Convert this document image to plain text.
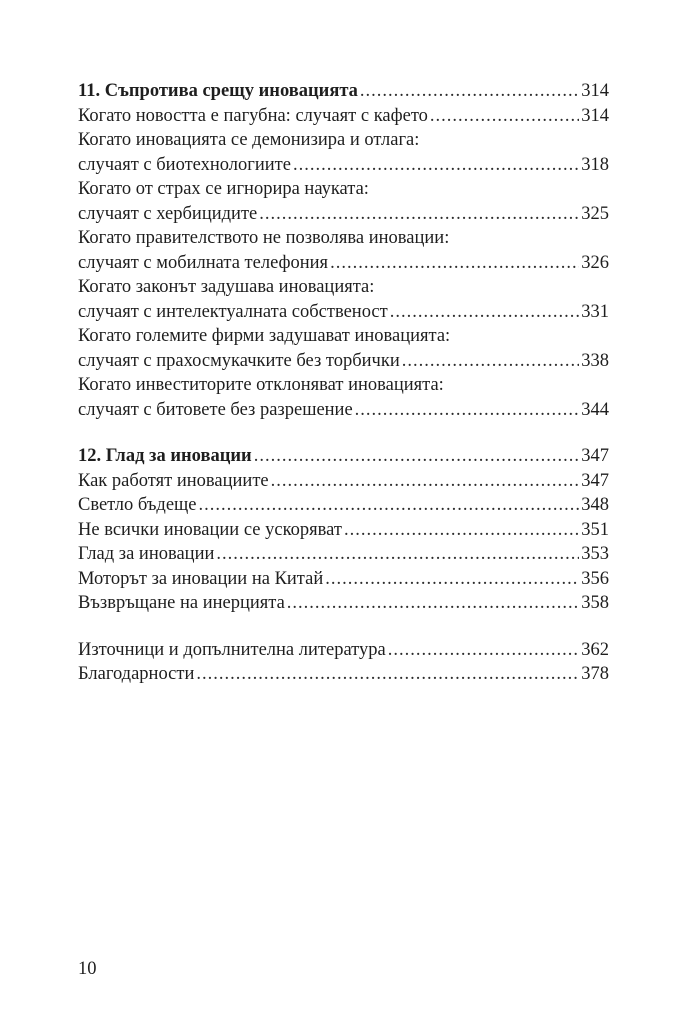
11. Съпротива срещу иновацията .....	314
Когато новостта е пагубна: случаят с кафето .....	314
Когато иновацията се демонизира и отлага:
случаят с биотехнологиите .....	318
Когато от страх се игнорира науката:
случаят с хербицидите .....	325
Когато правителството не позволява иновации:
случаят с мобилната телефония .....	326
Когато законът задушава иновацията:
случаят с интелектуалната собственост .....	331
Когато големите фирми задушават иновацията:
случаят с прахосмукачките без торбички .....	338
Когато инвеститорите отклоняват иновацията:
случаят с битовете без разрешение .....	344
12. Глад за иновации .....	347
Как работят иновациите .....	347
Светло бъдеще .....	348
Не всички иновации се ускоряват .....	351
Глад за иновации .....	353
Моторът за иновации на Китай .....	356
Възвръщане на инерцията .....	358
Източници и допълнителна литература .....	362
Благодарности .....	378
10
